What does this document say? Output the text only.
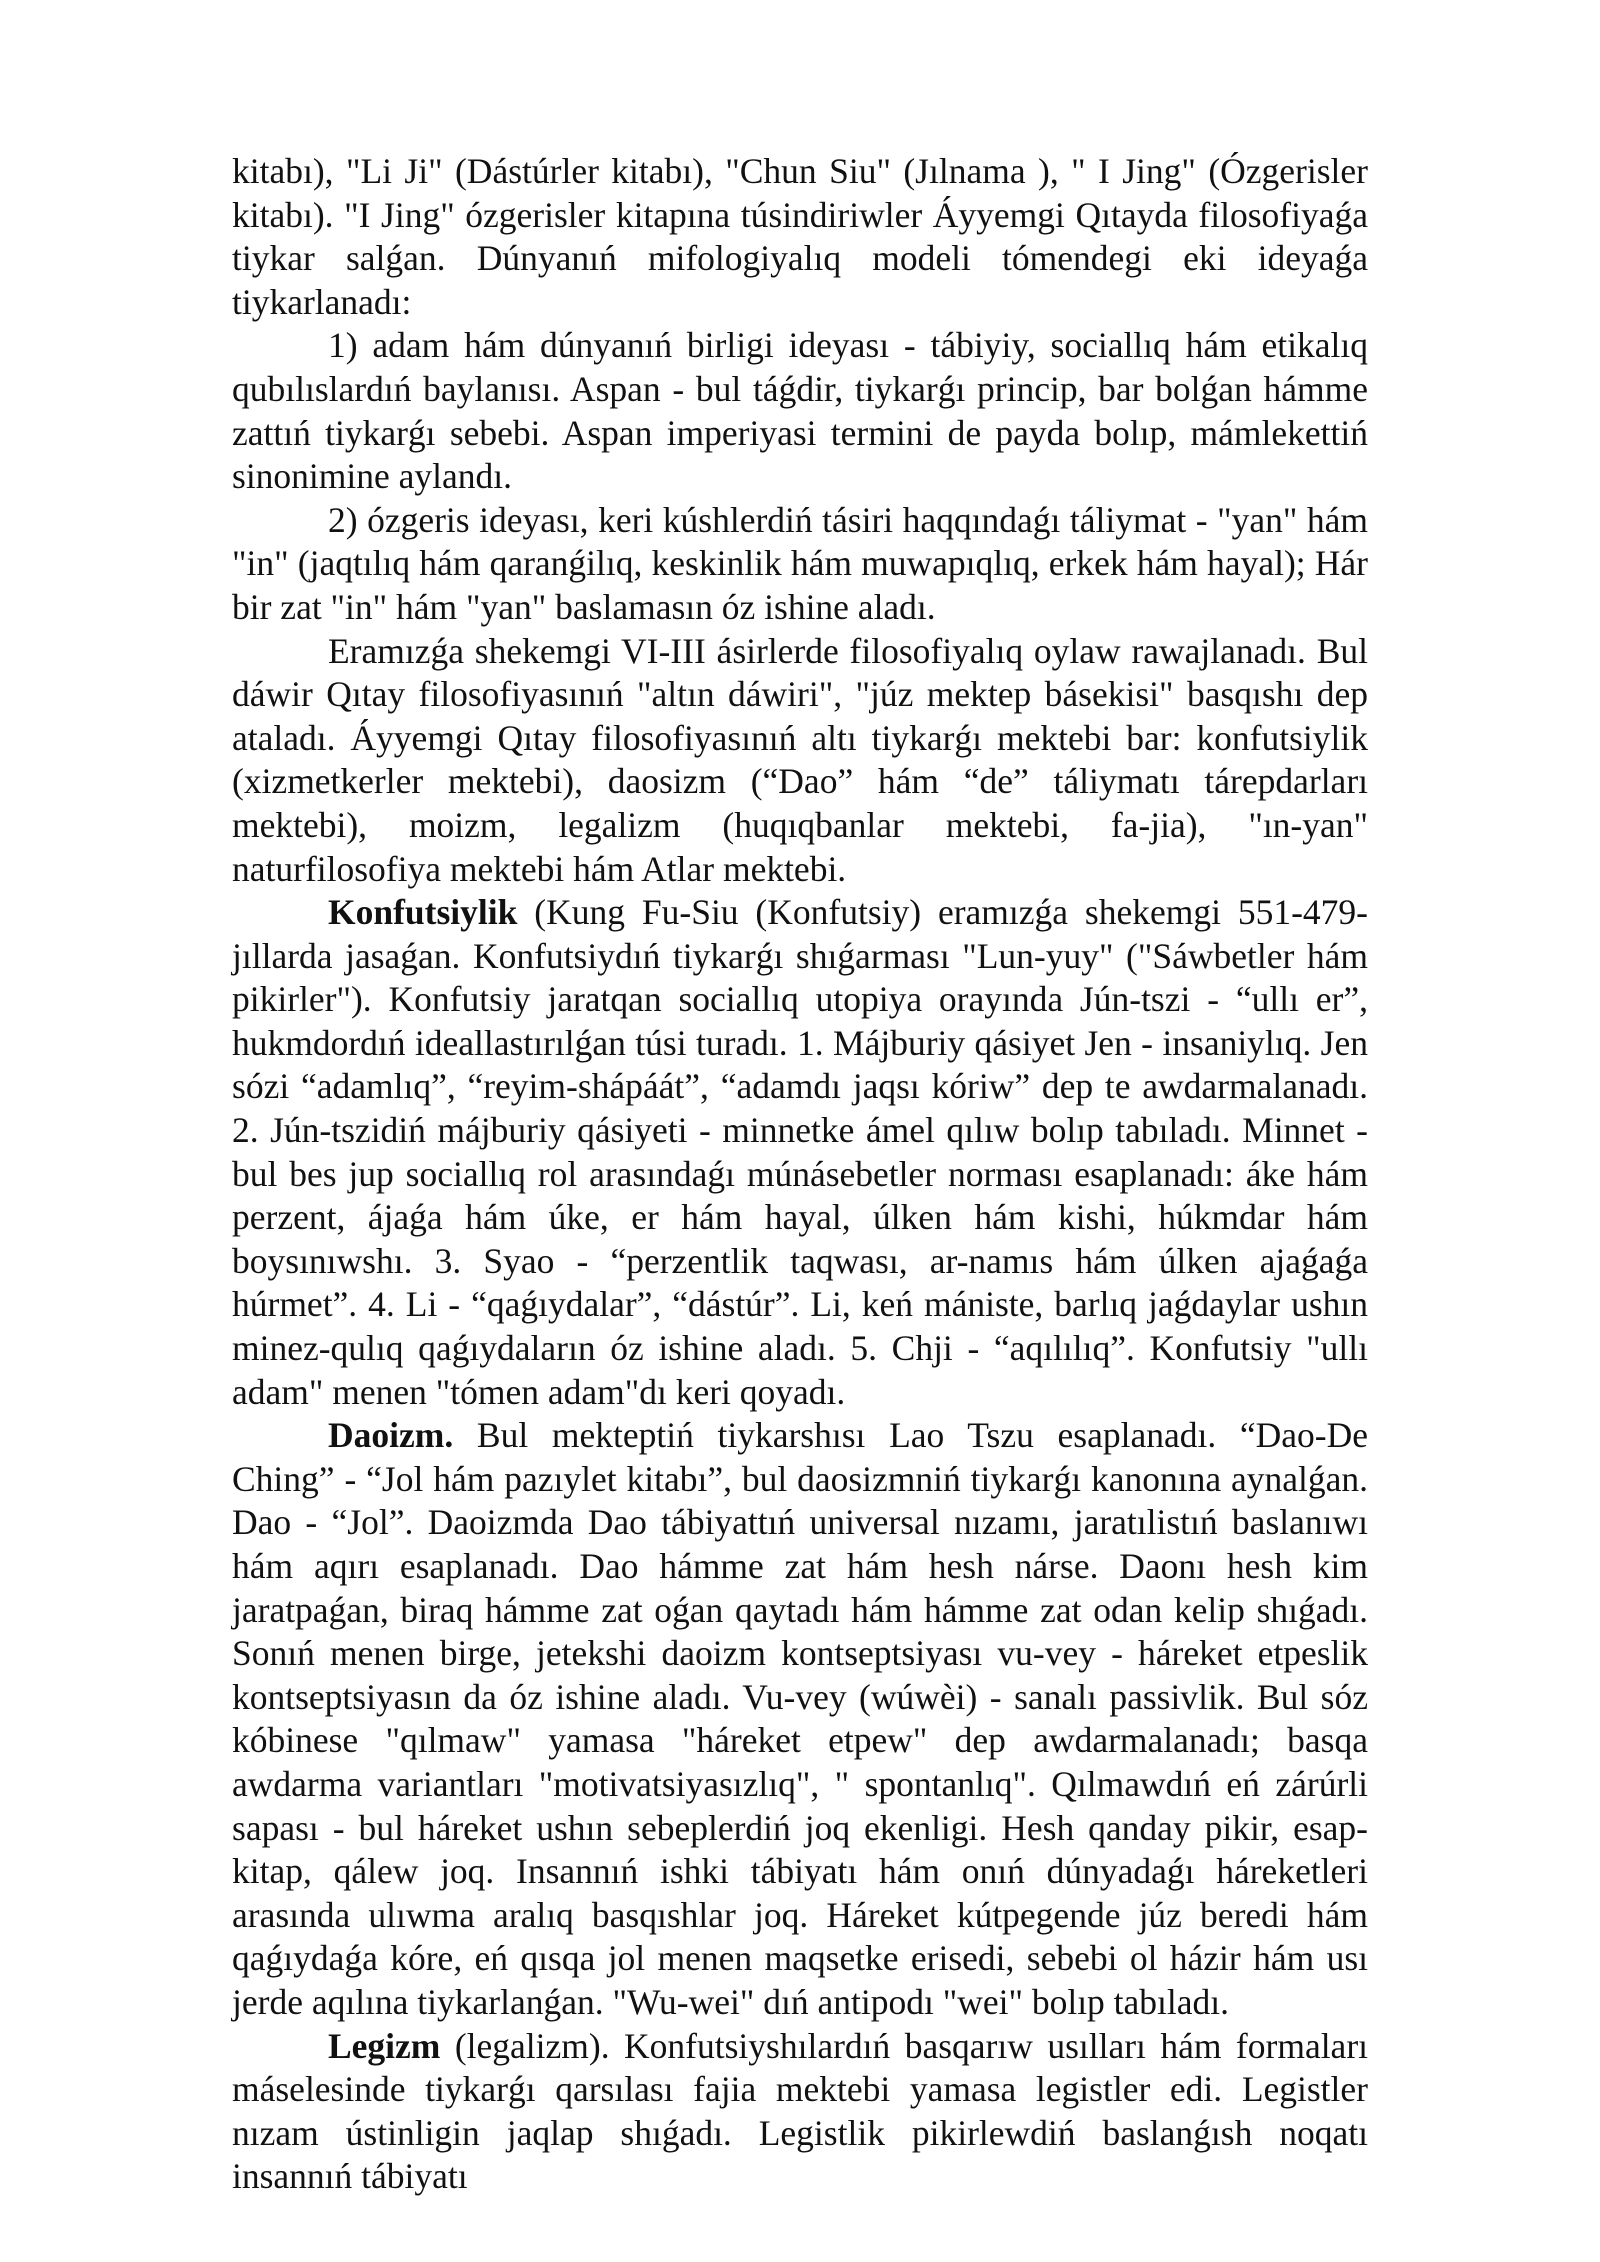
kitabı), "Li Ji" (Dástúrler kitabı), "Chun Siu" (Jılnama ), " I Jing" (Ózgerisler kitabı). "I Jing" ózgerisler kitapına túsindiriwler Áyyemgi Qıtayda filosofiyaǵa tiykar salǵan. Dúnyanıń mifologiyalıq modeli tómendegi eki ideyaǵa tiykarlanadı:

1) adam hám dúnyanıń birligi ideyası - tábiyiy, sociallıq hám etikalıq qubılıslardıń baylanısı. Aspan - bul táǵdir, tiykarǵı princip, bar bolǵan hámme zattıń tiykarǵı sebebi. Aspan imperiyasi termini de payda bolıp, mámlekettiń sinonimine aylandı.

2) ózgeris ideyası, keri kúshlerdiń tásiri haqqındaǵı táliymat - "yan" hám "in" (jaqtılıq hám qaranǵilıq, keskinlik hám muwapıqlıq, erkek hám hayal); Hár bir zat "in" hám "yan" baslamasın óz ishine aladı.

Eramızǵa shekemgi VI-III ásirlerde filosofiyalıq oylaw rawajlanadı. Bul dáwir Qıtay filosofiyasınıń "altın dáwiri", "júz mektep básekisi" basqıshı dep ataladı. Áyyemgi Qıtay filosofiyasınıń altı tiykarǵı mektebi bar: konfutsiylik (xizmetkerler mektebi), daosizm (“Dao” hám “de” táliymatı tárepdarları mektebi), moizm, legalizm (huqıqbanlar mektebi, fa-jia), "ın-yan" naturfilosofiya mektebi hám Atlar mektebi.

Konfutsiylik (Kung Fu-Siu (Konfutsiy) eramızǵa shekemgi 551-479-jıllarda jasaǵan. Konfutsiydıń tiykarǵı shıǵarması "Lun-yuy" ("Sáwbetler hám pikirler"). Konfutsiy jaratqan sociallıq utopiya orayında Jún-tszi - “ullı er”, hukmdordıń ideallastırılǵan túsi turadı. 1. Májburiy qásiyet Jen - insaniylıq. Jen sózi “adamlıq”, “reyim-shápáát”, “adamdı jaqsı kóriw” dep te awdarmalanadı. 2. Jún-tszidiń májburiy qásiyeti - minnetke ámel qılıw bolıp tabıladı. Minnet - bul bes jup sociallıq rol arasındaǵı múnásebetler norması esaplanadı: áke hám perzent, ájaǵa hám úke, er hám hayal, úlken hám kishi, húkmdar hám boysınıwshı. 3. Syao - “perzentlik taqwası, ar-namıs hám úlken ajaǵaǵa húrmet”. 4. Li - “qaǵıydalar”, “dástúr”. Li, keń mániste, barlıq jaǵdaylar ushın minez-qulıq qaǵıydaların óz ishine aladı. 5. Chji - “aqılılıq”. Konfutsiy "ullı adam" menen "tómen adam"dı keri qoyadı.

Daoizm. Bul mekteptiń tiykarshısı Lao Tszu esaplanadı. “Dao-De Ching” - “Jol hám pazıylet kitabı”, bul daosizmniń tiykarǵı kanonına aynalǵan. Dao - “Jol”. Daoizmda Dao tábiyattıń universal nızamı, jaratılistıń baslanıwı hám aqırı esaplanadı. Dao hámme zat hám hesh nárse. Daonı hesh kim jaratpaǵan, biraq hámme zat oǵan qaytadı hám hámme zat odan kelip shıǵadı. Sonıń menen birge, jetekshi daoizm kontseptsiyası vu-vey - háreket etpeslik kontseptsiyasın da óz ishine aladı. Vu-vey (wúwèi) - sanalı passivlik. Bul sóz kóbinese "qılmaw" yamasa "háreket etpew" dep awdarmalanadı; basqa awdarma variantları "motivatsiyasızlıq", " spontanlıq". Qılmawdıń eń zárúrli sapası - bul háreket ushın sebeplerdiń joq ekenligi. Hesh qanday pikir, esap-kitap, qálew joq. Insannıń ishki tábiyatı hám onıń dúnyadaǵı háreketleri arasında ulıwma aralıq basqıshlar joq. Háreket kútpegende júz beredi hám qaǵıydaǵa kóre, eń qısqa jol menen maqsetke erisedi, sebebi ol házir hám usı jerde aqılına tiykarlanǵan. "Wu-wei" dıń antipodı "wei" bolıp tabıladı.

Legizm (legalizm). Konfutsiyshılardıń basqarıw usılları hám formaları máselesinde tiykarǵı qarsılası fajia mektebi yamasa legistler edi. Legistler nızam ústinligin jaqlap shıǵadı. Legistlik pikirlewdiń baslanǵısh noqatı insannıń tábiyatı
